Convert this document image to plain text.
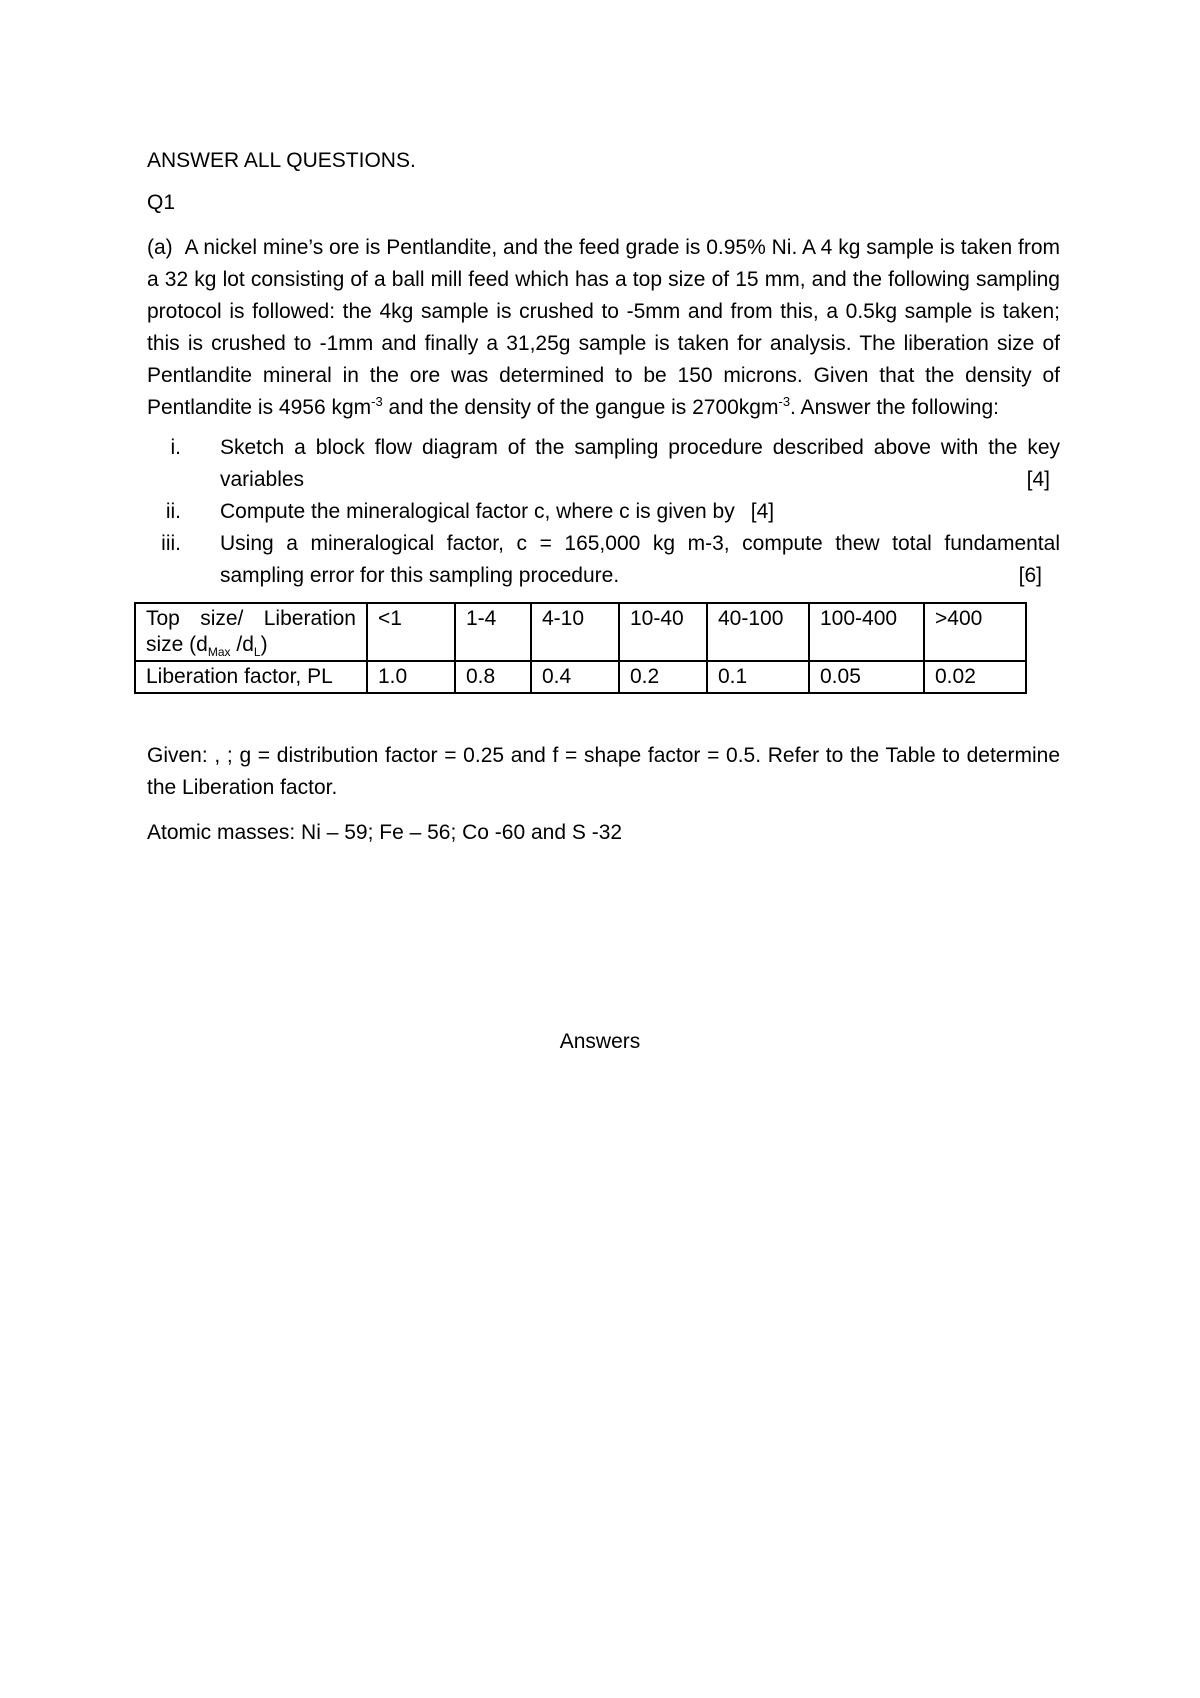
ANSWER ALL QUESTIONS.
Q1
(a) A nickel mine’s ore is Pentlandite, and the feed grade is 0.95% Ni. A 4 kg sample is taken from a 32 kg lot consisting of a ball mill feed which has a top size of 15 mm, and the following sampling protocol is followed: the 4kg sample is crushed to -5mm and from this, a 0.5kg sample is taken; this is crushed to -1mm and finally a 31,25g sample is taken for analysis. The liberation size of Pentlandite mineral in the ore was determined to be 150 microns. Given that the density of Pentlandite is 4956 kgm$^{-3}$ and the density of the gangue is 2700kgm$^{-3}$. Answer the following:
i.	Sketch a block flow diagram of the sampling procedure described above with the key variables	[4]
ii.	Compute the mineralogical factor c, where c is given by [4]
iii.	Using a mineralogical factor, c = 165,000 kg m-3, compute thew total fundamental sampling error for this sampling procedure.	[6]
Top size/ Liberation size ($d_{Max}$ $/d_L$)	<1	1-4	4-10	10-40	40-100	100-400	>400
Liberation factor, PL	1.0	0.8	0.4	0.2	0.1	0.05	0.02
Given: , ; g = distribution factor = 0.25 and f = shape factor = 0.5. Refer to the Table to determine the Liberation factor.
Atomic masses: Ni – 59; Fe – 56; Co -60 and S -32
Answers
